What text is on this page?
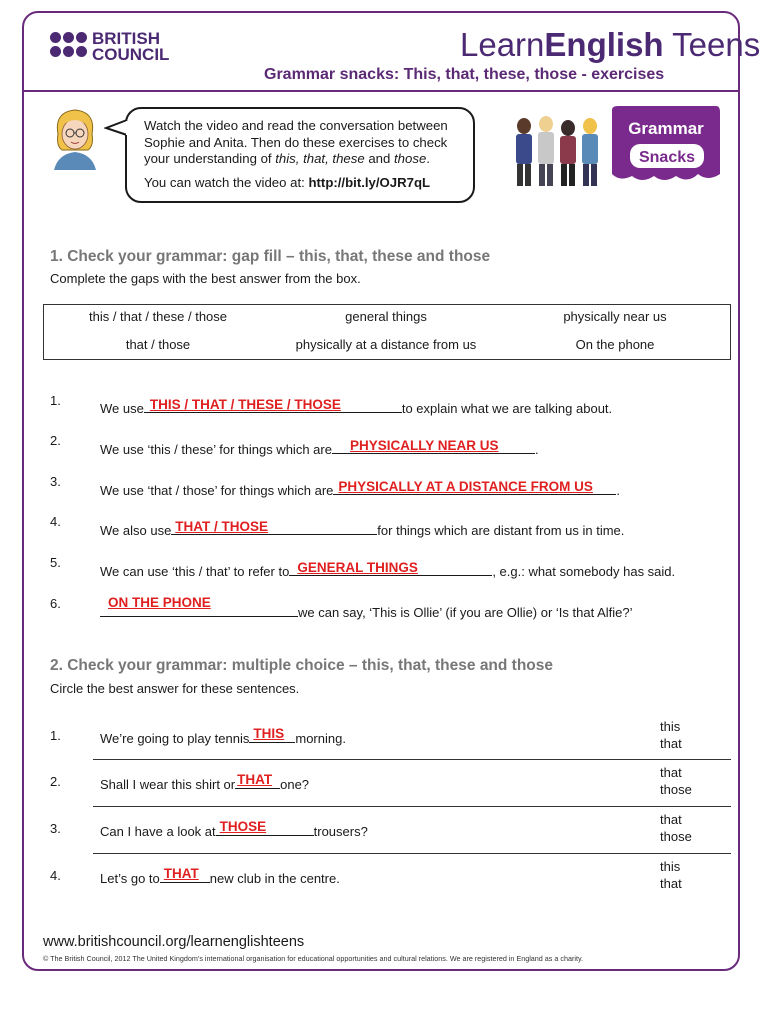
BRITISH
COUNCIL	LearnEnglish Teens
Grammar snacks: This, that, these, those - exercises
Watch the video and read the conversation between
Sophie and Anita. Then do these exercises to check
your understanding of this, that, these and those.
You can watch the video at: http://bit.ly/OJR7qL
Grammar
Snacks
1. Check your grammar: gap fill – this, that, these and those
Complete the gaps with the best answer from the box.
this / that / these / those	general things	physically near us
that / those	physically at a distance from us	On the phone
1.
We use THIS / THAT / THESE / THOSE	to explain what we are talking about.
2.
We use ‘this / these’ for things which are PHYSICALLY NEAR US	.
3.
We use ‘that / those’ for things which are PHYSICALLY AT A DISTANCE FROM US .
4.
We also use THAT / THOSE	for things which are distant from us in time.
5.
We can use ‘this / that’ to refer to GENERAL THINGS	, e.g.: what somebody has said.
6.	ON THE PHONE
we can say, ‘This is Ollie’ (if you are Ollie) or ‘Is that Alfie?’
2. Check your grammar: multiple choice – this, that, these and those
Circle the best answer for these sentences.
1.	We’re going to play tennis THIS morning.
this
that
2.	Shall I wear this shirt or THAT one?
that
those
3.	Can I have a look at THOSE	trousers?
that
those
4.	Let’s go to THAT new club in the centre.
this
that
www.britishcouncil.org/learnenglishteens
© The British Council, 2012 The United Kingdom’s international organisation for educational opportunities and cultural relations. We are registered in England as a charity.
